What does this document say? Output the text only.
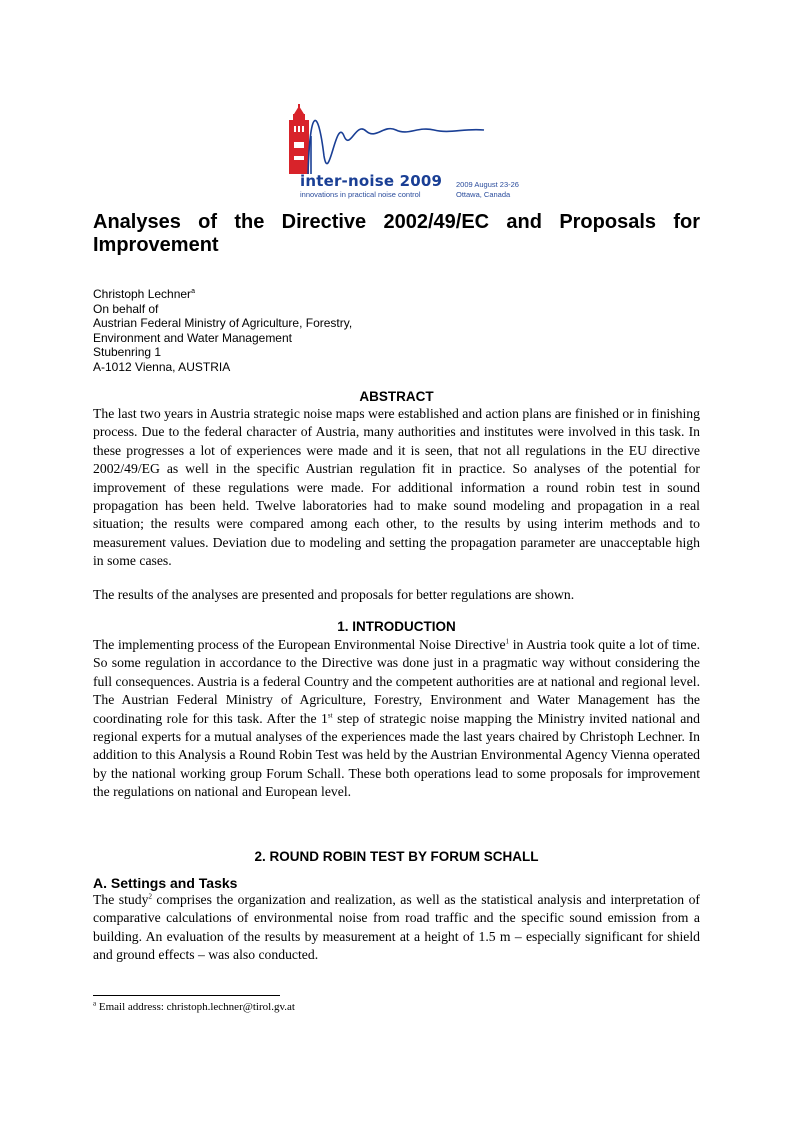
inter-noise 2009
innovations in practical noise control
2009 August 23-26
Ottawa, Canada
Analyses of the Directive 2002/49/EC and Proposals for Improvement
Christoph Lechner$^a$
On behalf of
Austrian Federal Ministry of Agriculture, Forestry,
Environment and Water Management
Stubenring 1
A-1012 Vienna, AUSTRIA
ABSTRACT

The last two years in Austria strategic noise maps were established and action plans are finished or in finishing process. Due to the federal character of Austria, many authorities and institutes were involved in this task. In these progresses a lot of experiences were made and it is seen, that not all regulations in the EU directive 2002/49/EG as well in the specific Austrian regulation fit in practice. So analyses of the potential for improvement of these regulations were made. For additional information a round robin test in sound propagation has been held. Twelve laboratories had to make sound modeling and propagation in a real situation; the results were compared among each other, to the results by using interim methods and to measurement values. Deviation due to modeling and setting the propagation parameter are unacceptable high in some cases.

The results of the analyses are presented and proposals for better regulations are shown.

1. INTRODUCTION

The implementing process of the European Environmental Noise Directive$^1$ in Austria took quite a lot of time. So some regulation in accordance to the Directive was done just in a pragmatic way without considering the full consequences. Austria is a federal Country and the competent authorities are at national and regional level. The Austrian Federal Ministry of Agriculture, Forestry, Environment and Water Management has the coordinating role for this task. After the 1st step of strategic noise mapping the Ministry invited national and regional experts for a mutual analyses of the experiences made the last years chaired by Christoph Lechner. In addition to this Analysis a Round Robin Test was held by the Austrian Environmental Agency Vienna operated by the national working group Forum Schall. These both operations lead to some proposals for improvement the regulations on national and European level.

2. ROUND ROBIN TEST BY FORUM SCHALL
A. Settings and Tasks

The study$^2$ comprises the organization and realization, as well as the statistical analysis and interpretation of comparative calculations of environmental noise from road traffic and the specific sound emission from a building. An evaluation of the results by measurement at a height of 1.5 m – especially significant for shield and ground effects – was also conducted.

$^a$ Email address: christoph.lechner@tirol.gv.at
